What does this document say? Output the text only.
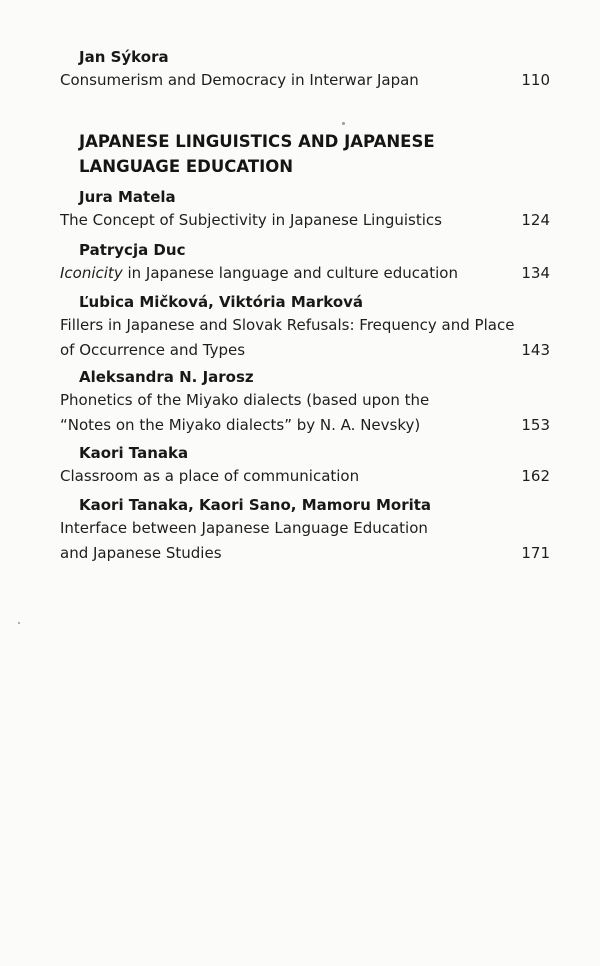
Jan Sýkora
Consumerism and Democracy in Interwar Japan	110
JAPANESE LINGUISTICS AND JAPANESE LANGUAGE EDUCATION
Jura Matela
The Concept of Subjectivity in Japanese Linguistics	124
Patrycja Duc
Iconicity in Japanese language and culture education	134
Ľubica Mičková, Viktória Marková
Fillers in Japanese and Slovak Refusals: Frequency and Place
of Occurrence and Types	143
Aleksandra N. Jarosz
Phonetics of the Miyako dialects (based upon the
“Notes on the Miyako dialects” by N. A. Nevsky)	153
Kaori Tanaka
Classroom as a place of communication	162
Kaori Tanaka, Kaori Sano, Mamoru Morita
Interface between Japanese Language Education
and Japanese Studies	171
